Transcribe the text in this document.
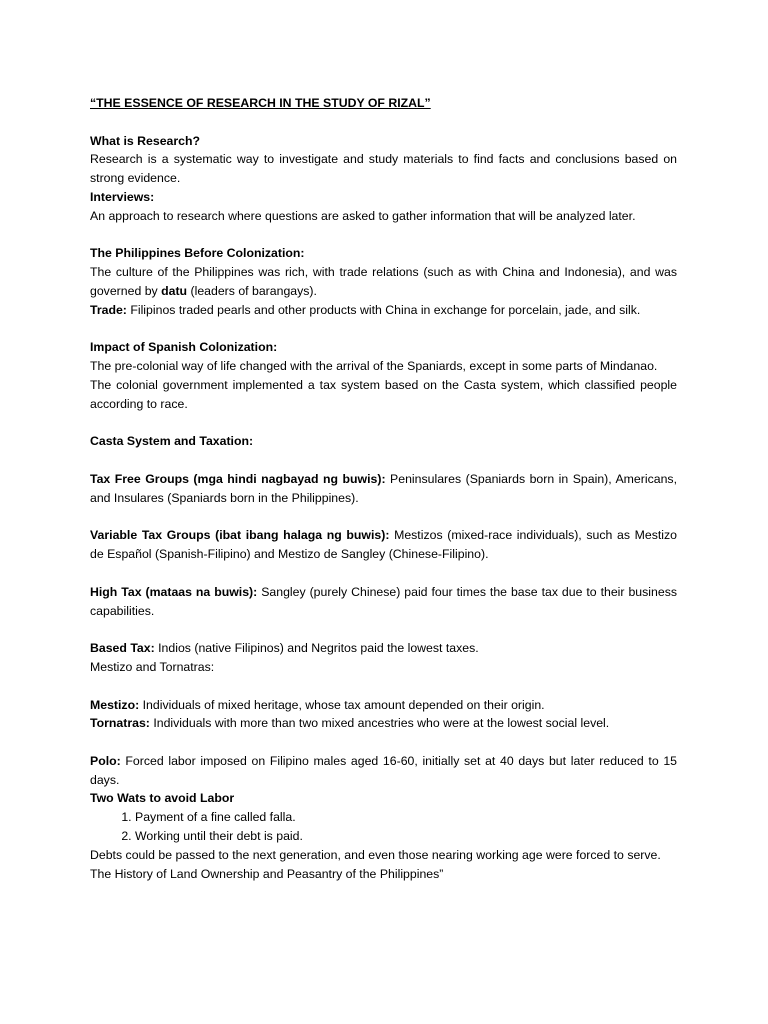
“THE ESSENCE OF RESEARCH IN THE STUDY OF RIZAL”

What is Research?

Research is a systematic way to investigate and study materials to find facts and conclusions based on strong evidence.

Interviews:

An approach to research where questions are asked to gather information that will be analyzed later.

The Philippines Before Colonization:

The culture of the Philippines was rich, with trade relations (such as with China and Indonesia), and was governed by datu (leaders of barangays).

Trade: Filipinos traded pearls and other products with China in exchange for porcelain, jade, and silk.

Impact of Spanish Colonization:

The pre-colonial way of life changed with the arrival of the Spaniards, except in some parts of Mindanao.

The colonial government implemented a tax system based on the Casta system, which classified people according to race.

Casta System and Taxation:

Tax Free Groups (mga hindi nagbayad ng buwis): Peninsulares (Spaniards born in Spain), Americans, and Insulares (Spaniards born in the Philippines).

Variable Tax Groups (ibat ibang halaga ng buwis): Mestizos (mixed-race individuals), such as Mestizo de Español (Spanish-Filipino) and Mestizo de Sangley (Chinese-Filipino).

High Tax (mataas na buwis): Sangley (purely Chinese) paid four times the base tax due to their business capabilities.

Based Tax: Indios (native Filipinos) and Negritos paid the lowest taxes.

Mestizo and Tornatras:

Mestizo: Individuals of mixed heritage, whose tax amount depended on their origin.

Tornatras: Individuals with more than two mixed ancestries who were at the lowest social level.

Polo: Forced labor imposed on Filipino males aged 16-60, initially set at 40 days but later reduced to 15 days.

Two Wats to avoid Labor

1. Payment of a fine called falla.
2. Working until their debt is paid.

Debts could be passed to the next generation, and even those nearing working age were forced to serve.

The History of Land Ownership and Peasantry of the Philippines”
